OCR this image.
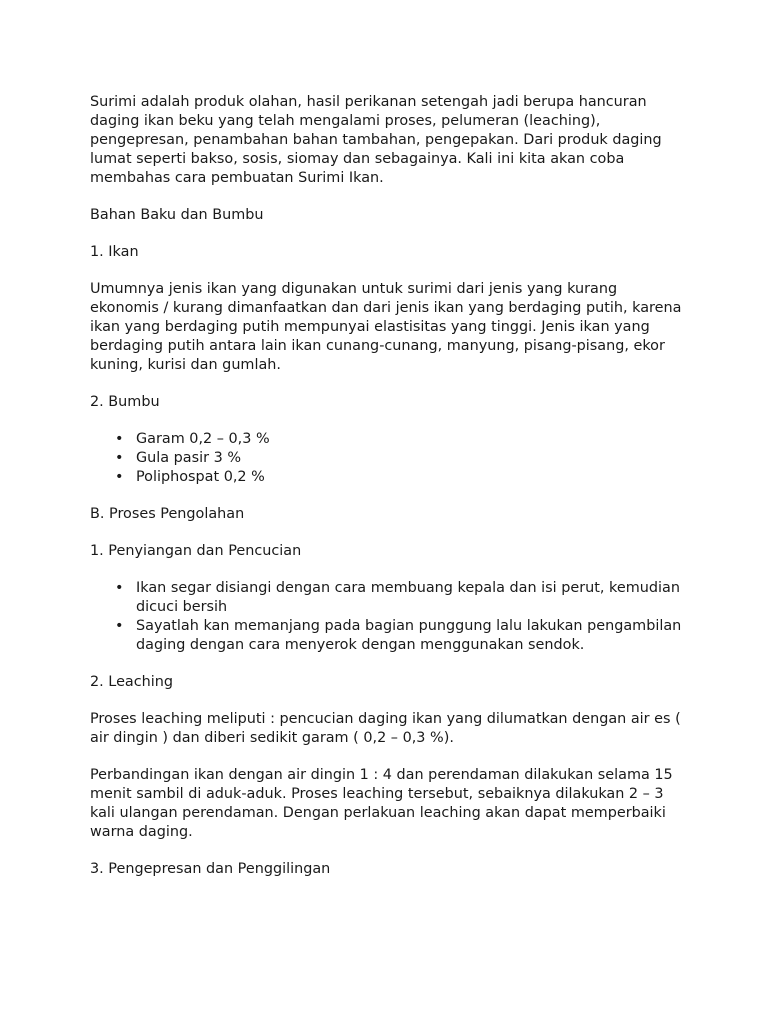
Surimi adalah produk olahan, hasil perikanan setengah jadi berupa hancuran daging ikan beku yang telah mengalami proses, pelumeran (leaching), pengepresan, penambahan bahan tambahan, pengepakan. Dari produk daging lumat seperti bakso, sosis, siomay dan sebagainya. Kali ini kita akan coba membahas cara pembuatan Surimi Ikan.

Bahan Baku dan Bumbu

1. Ikan

Umumnya jenis ikan yang digunakan untuk surimi dari jenis yang kurang ekonomis / kurang dimanfaatkan dan dari jenis ikan yang berdaging putih, karena ikan yang berdaging putih mempunyai elastisitas yang tinggi. Jenis ikan yang berdaging putih antara lain ikan cunang-cunang, manyung, pisang-pisang, ekor kuning, kurisi dan gumlah.

2. Bumbu

• Garam 0,2 – 0,3 %
• Gula pasir 3 %
• Poliphospat 0,2 %

B. Proses Pengolahan

1. Penyiangan dan Pencucian

• Ikan segar disiangi dengan cara membuang kepala dan isi perut, kemudian dicuci bersih
• Sayatlah kan memanjang pada bagian punggung lalu lakukan pengambilan daging dengan cara menyerok dengan menggunakan sendok.

2. Leaching

Proses leaching meliputi : pencucian daging ikan yang dilumatkan dengan air es ( air dingin ) dan diberi sedikit garam ( 0,2 – 0,3 %).

Perbandingan ikan dengan air dingin 1 : 4 dan perendaman dilakukan selama 15 menit sambil di aduk-aduk. Proses leaching tersebut, sebaiknya dilakukan 2 – 3 kali ulangan perendaman. Dengan perlakuan leaching akan dapat memperbaiki warna daging.

3. Pengepresan dan Penggilingan
